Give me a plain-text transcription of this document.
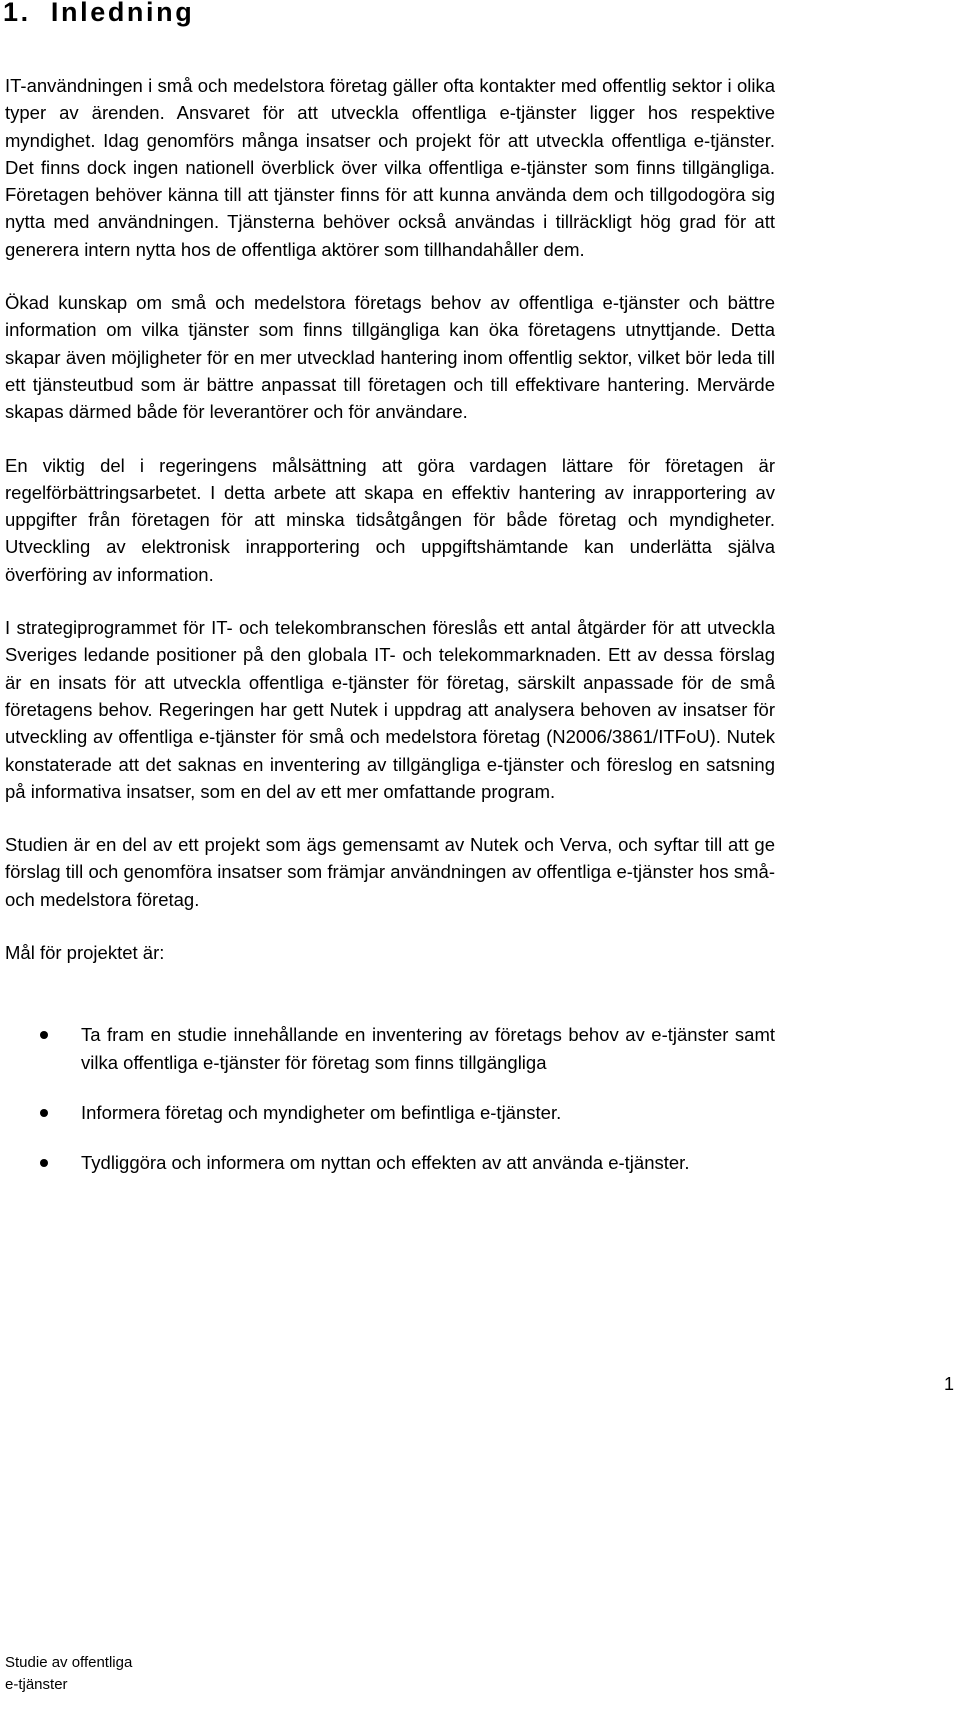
1.  Inledning

IT-användningen i små och medelstora företag gäller ofta kontakter med offentlig sektor i olika typer av ärenden. Ansvaret för att utveckla offentliga e-tjänster ligger hos respektive myndighet. Idag genomförs många insatser och projekt för att utveckla offentliga e-tjänster. Det finns dock ingen nationell överblick över vilka offentliga e-tjänster som finns tillgängliga. Företagen behöver känna till att tjänster finns för att kunna använda dem och tillgodogöra sig nytta med användningen. Tjänsterna behöver också användas i tillräckligt hög grad för att generera intern nytta hos de offentliga aktörer som tillhandahåller dem.

Ökad kunskap om små och medelstora företags behov av offentliga e-tjänster och bättre information om vilka tjänster som finns tillgängliga kan öka företagens utnyttjande. Detta skapar även möjligheter för en mer utvecklad hantering inom offentlig sektor, vilket bör leda till ett tjänsteutbud som är bättre anpassat till företagen och till effektivare hantering. Mervärde skapas därmed både för leverantörer och för användare.

En viktig del i regeringens målsättning att göra vardagen lättare för företagen är regelförbättringsarbetet. I detta arbete att skapa en effektiv hantering av inrapportering av uppgifter från företagen för att minska tidsåtgången för både företag och myndigheter. Utveckling av elektronisk inrapportering och uppgiftshämtande kan underlätta själva överföring av information.

I strategiprogrammet för IT- och telekombranschen föreslås ett antal åtgärder för att utveckla Sveriges ledande positioner på den globala IT- och telekommarknaden. Ett av dessa förslag är en insats för att utveckla offentliga e-tjänster för företag, särskilt anpassade för de små företagens behov. Regeringen har gett Nutek i uppdrag att analysera behoven av insatser för utveckling av offentliga e-tjänster för små och medelstora företag (N2006/3861/ITFoU). Nutek konstaterade att det saknas en inventering av tillgängliga e-tjänster och föreslog en satsning på informativa insatser, som en del av ett mer omfattande program.

Studien är en del av ett projekt som ägs gemensamt av Nutek och Verva, och syftar till att ge förslag till och genomföra insatser som främjar användningen av offentliga e-tjänster hos små- och medelstora företag.

Mål för projektet är:

Ta fram en studie innehållande en inventering av företags behov av e-tjänster samt vilka offentliga e-tjänster för företag som finns tillgängliga
Informera företag och myndigheter om befintliga e-tjänster.
Tydliggöra och informera om nyttan och effekten av att använda e-tjänster.
1
Studie av offentliga
e-tjänster
